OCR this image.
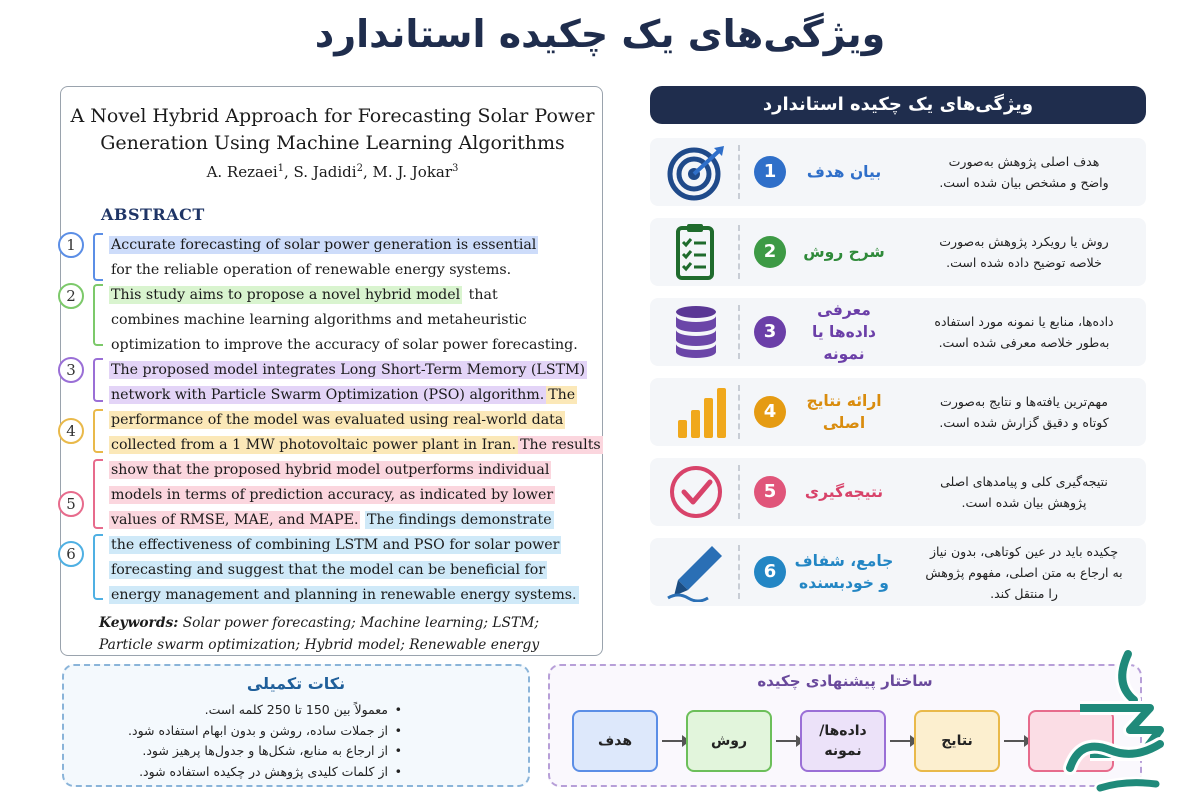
ویژگی‌های یک چکیده استاندارد
A Novel Hybrid Approach for Forecasting Solar Power
Generation Using Machine Learning Algorithms
A. Rezaei$^1$, S. Jadidi$^2$, M. J. Jokar$^3$
ABSTRACT
1	Accurate forecasting of solar power generation is essential
for the reliable operation of renewable energy systems.
2	This study aims to propose a novel hybrid model that
combines machine learning algorithms and metaheuristic
optimization to improve the accuracy of solar power forecasting.
3	The proposed model integrates Long Short-Term Memory (LSTM)
network with Particle Swarm Optimization (PSO) algorithm. The
4
performance of the model was evaluated using real-world data
collected from a 1 MW photovoltaic power plant in Iran. The results
5
show that the proposed hybrid model outperforms individual
models in terms of prediction accuracy, as indicated by lower
values of RMSE, MAE, and MAPE. The findings demonstrate
6	the effectiveness of combining LSTM and PSO for solar power
forecasting and suggest that the model can be beneficial for
energy management and planning in renewable energy systems.
Keywords: Solar power forecasting; Machine learning; LSTM;
Particle swarm optimization; Hybrid model; Renewable energy
ویژگی‌های یک چکیده استاندارد
1	بیان هدف
هدف اصلی پژوهش به‌صورت
واضح و مشخص بیان شده است.
2	شرح روش
روش یا رویکرد پژوهش به‌صورت
خلاصه توضیح داده شده است.
3
معرفی داده‌ها یا نمونه
داده‌ها، منابع یا نمونه مورد استفاده
به‌طور خلاصه معرفی شده است.
4	ارائه نتایج اصلی
مهم‌ترین یافته‌ها و نتایج به‌صورت
کوتاه و دقیق گزارش شده است.
5	نتیجه‌گیری
نتیجه‌گیری کلی و پیامدهای اصلی
پژوهش بیان شده است.
6	جامع، شفاف و خودبسنده
چکیده باید در عین کوتاهی، بدون نیاز
به ارجاع به متن اصلی، مفهوم پژوهش
را منتقل کند.
نکات تکمیلی
• معمولاً بین 150 تا 250 کلمه است.
• از جملات ساده، روشن و بدون ابهام استفاده شود.
• از ارجاع به منابع، شکل‌ها و جدول‌ها پرهیز شود.
• از کلمات کلیدی پژوهش در چکیده استفاده شود.
ساختار پیشنهادی چکیده
هدف	روش
داده‌ها/ نمونه
نتایج
